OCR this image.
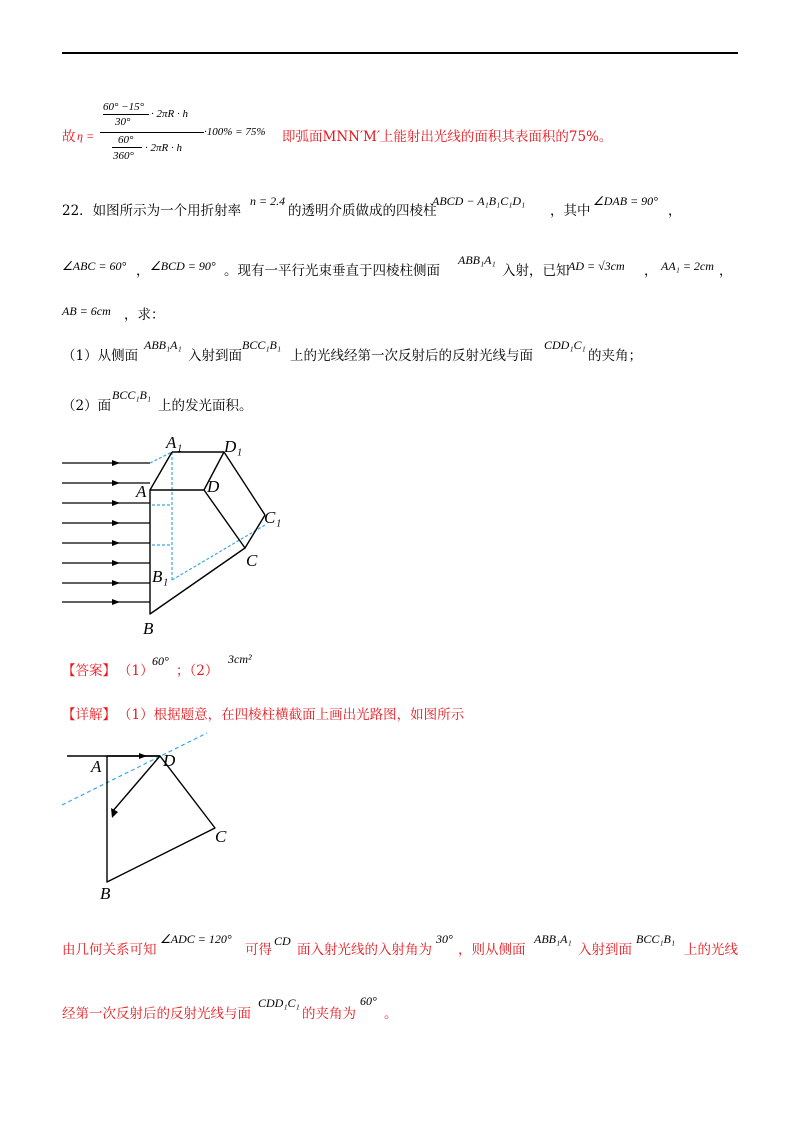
故 η =
60° −15°
30°
· 2πR · h
60°
360°
· 2πR · h
·100% = 75% 即弧面MNN′M′上能射出光线的面积其表面积的75%。
22．如图所示为一个用折射率
n = 2.4
的透明介质做成的四棱柱
ABCD − A₁B₁C₁D₁
，其中
∠DAB = 90°
，
∠ABC = 60° ， ∠BCD = 90° 。现有一平行光束垂直于四棱柱侧面
ABB₁A₁
入射，已知
AD = √3cm ， AA₁ = 2cm ，
AB = 6cm ，求：
（1）从侧面
ABB₁A₁
入射到面
BCC₁B₁
上的光线经第一次反射后的反射光线与面
CDD₁C₁
的夹角；
（2）面
BCC₁B₁
上的发光面积。
A₁ D₁
A	D
C₁
C
B₁
B
【答案】 （1）
60°
；（2）
3cm²
【详解】 （1）根据题意，在四棱柱横截面上画出光路图，如图所示
A	D
C
B
由几何关系可知
∠ADC = 120°
可得
CD
面入射光线的入射角为
30°
，则从侧面
ABB₁A₁
入射到面
BCC₁B₁
上的光线
经第一次反射后的反射光线与面
CDD₁C₁
的夹角为
60°
。
